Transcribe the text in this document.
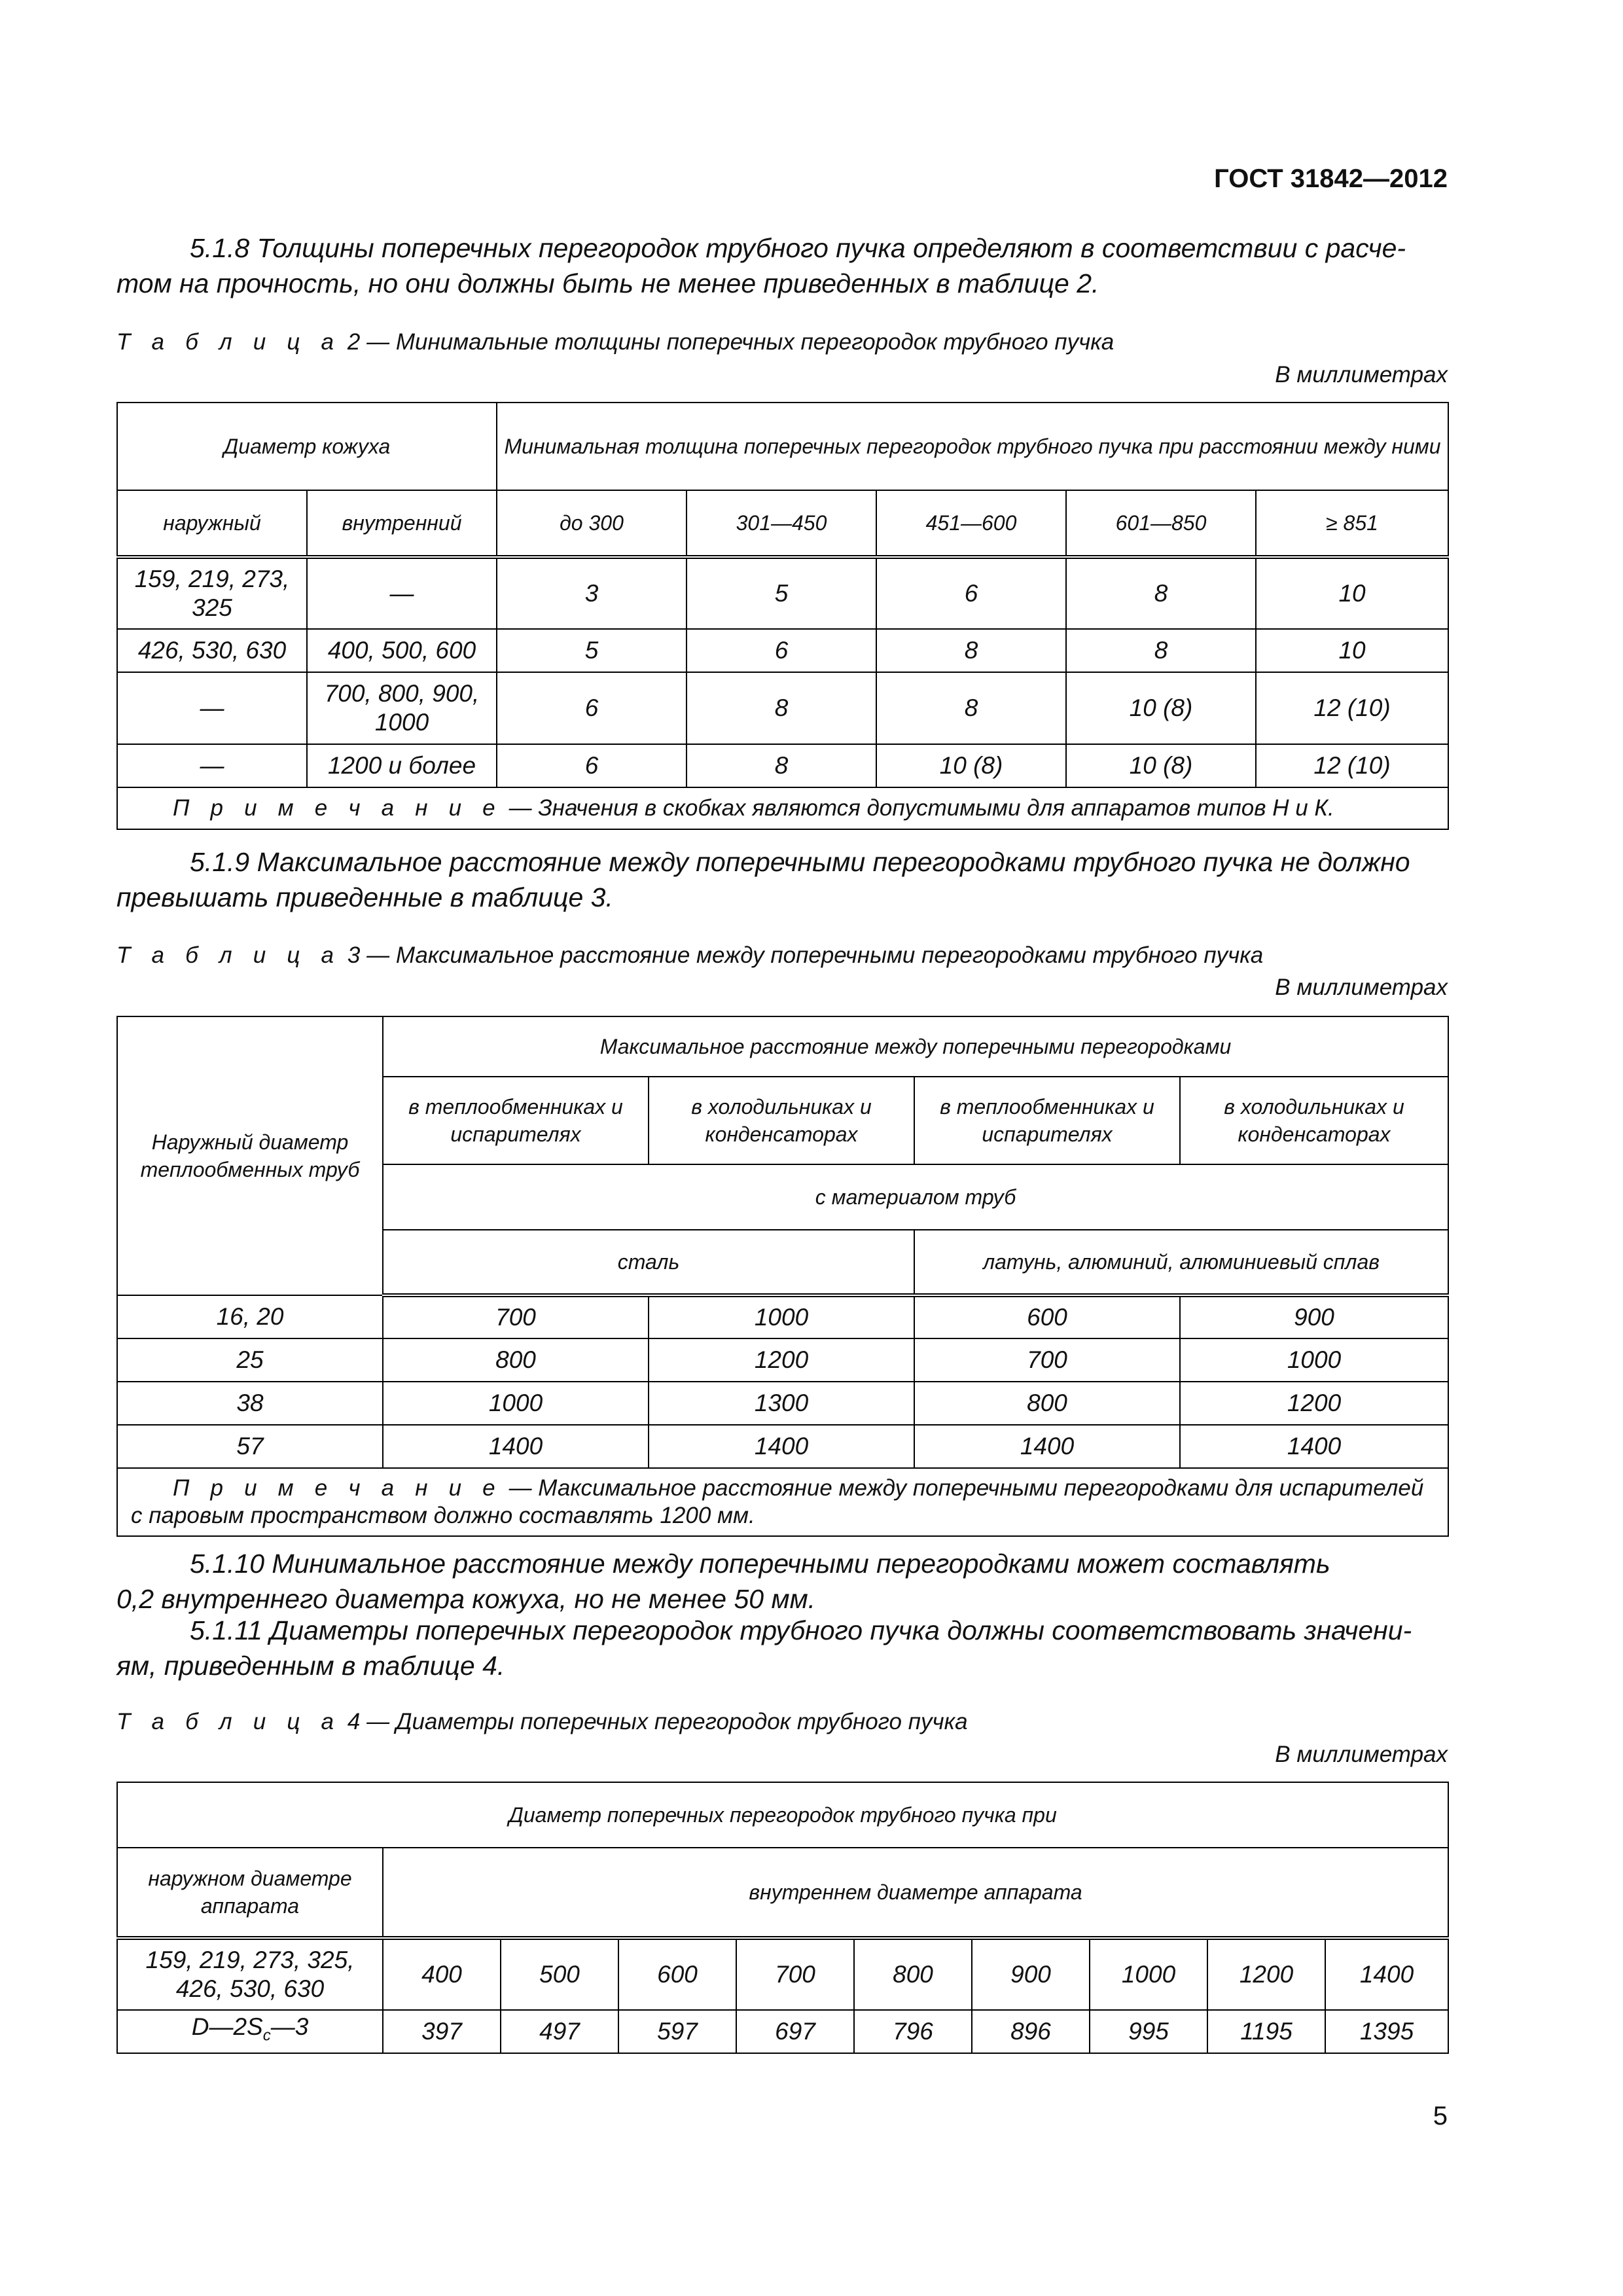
ГОСТ 31842—2012
5.1.8 Толщины поперечных перегородок трубного пучка определяют в соответствии с расче-
том на прочность, но они должны быть не менее приведенных в таблице 2.
Т а б л и ц а 2 — Минимальные толщины поперечных перегородок трубного пучка
В миллиметрах
Диаметр кожуха		Минимальная толщина поперечных перегородок трубного пучка при расстоянии между ними				
наружный	внутренний	до 300	301—450	451—600	601—850	≥ 851
159, 219, 273, 325	—	3	5	6	8	10
426, 530, 630	400, 500, 600	5	6	8	8	10
—	700, 800, 900, 1000	6	8	8	10 (8)	12 (10)
—	1200 и более	6	8	10 (8)	10 (8)	12 (10)
П р и м е ч а н и е — Значения в скобках являются допустимыми для аппаратов типов Н и К.						
5.1.9 Максимальное расстояние между поперечными перегородками трубного пучка не должно
превышать приведенные в таблице 3.
Т а б л и ц а 3 — Максимальное расстояние между поперечными перегородками трубного пучка
В миллиметрах
Наружный диаметр теплообменных труб	Максимальное расстояние между поперечными перегородками			
	в теплообменниках и испарителях	в холодильниках и конденсаторах	в теплообменниках и испарителях	в холодильниках и конденсаторах
	с материалом труб			
	сталь		латунь, алюминий, алюминиевый сплав	
16, 20	700	1000	600	900
25	800	1200	700	1000
38	1000	1300	800	1200
57	1400	1400	1400	1400
П р и м е ч а н и е — Максимальное расстояние между поперечными перегородками для испарителей с паровым пространством должно составлять 1200 мм.				
5.1.10 Минимальное расстояние между поперечными перегородками может составлять
0,2 внутреннего диаметра кожуха, но не менее 50 мм.
5.1.11 Диаметры поперечных перегородок трубного пучка должны соответствовать значени-
ям, приведенным в таблице 4.
Т а б л и ц а 4 — Диаметры поперечных перегородок трубного пучка
В миллиметрах
Диаметр поперечных перегородок трубного пучка при									
наружном диаметре аппарата	внутреннем диаметре аппарата								
159, 219, 273, 325, 426, 530, 630	400	500	600	700	800	900	1000	1200	1400
$D—2S_c—3$	397	497	597	697	796	896	995	1195	1395
5
